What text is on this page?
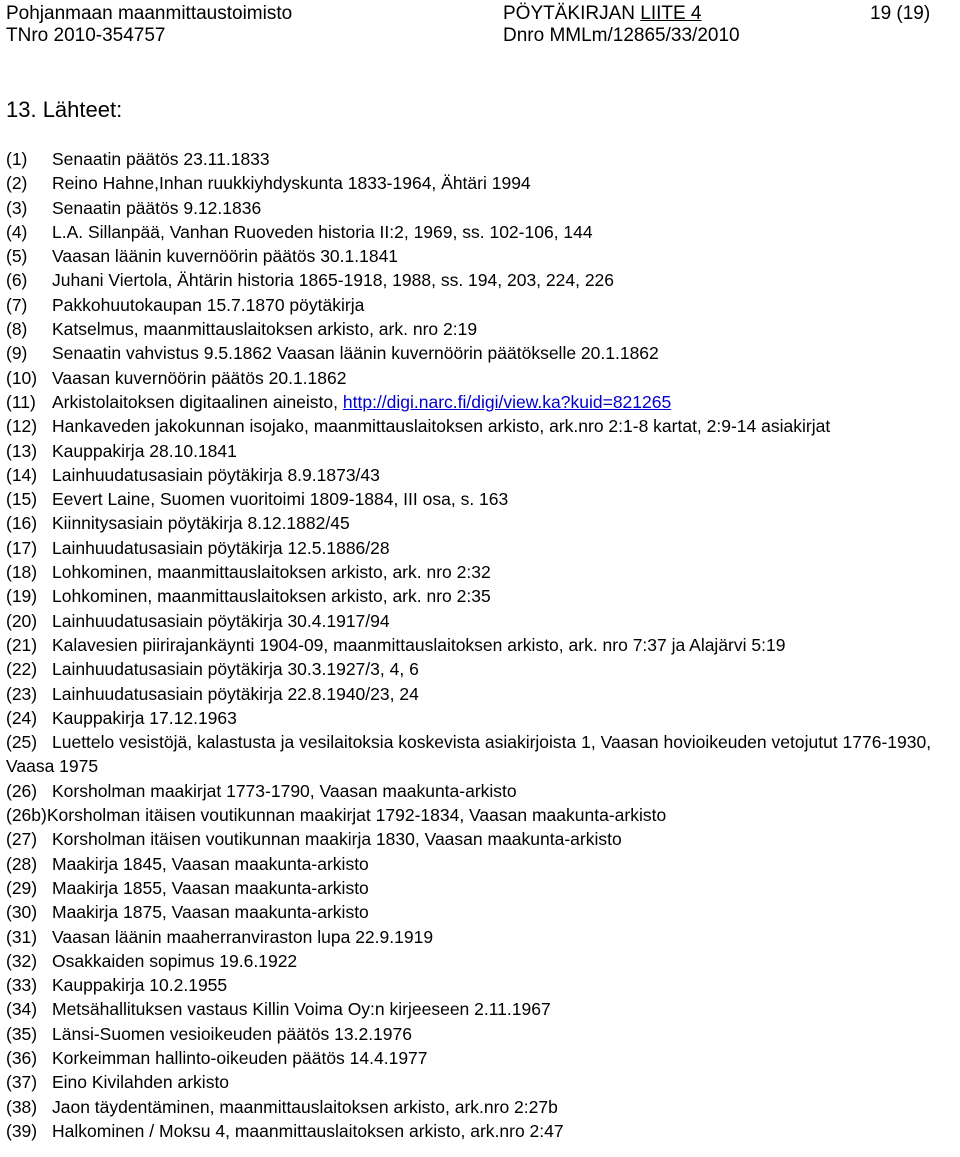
Pohjanmaan maanmittaustoimisto	PÖYTÄKIRJAN LIITE 4	19 (19)
TNro 2010-354757	Dnro MMLm/12865/33/2010
13. Lähteet:
(1) Senaatin päätös 23.11.1833
(2) Reino Hahne,Inhan ruukkiyhdyskunta 1833-1964, Ähtäri 1994
(3) Senaatin päätös 9.12.1836
(4) L.A. Sillanpää, Vanhan Ruoveden historia II:2, 1969, ss. 102-106, 144
(5) Vaasan läänin kuvernöörin päätös 30.1.1841
(6) Juhani Viertola, Ähtärin historia 1865-1918, 1988, ss. 194, 203, 224, 226
(7) Pakkohuutokaupan 15.7.1870 pöytäkirja
(8) Katselmus, maanmittauslaitoksen arkisto, ark. nro 2:19
(9) Senaatin vahvistus 9.5.1862 Vaasan läänin kuvernöörin päätökselle 20.1.1862
(10) Vaasan kuvernöörin päätös 20.1.1862
(11) Arkistolaitoksen digitaalinen aineisto, http://digi.narc.fi/digi/view.ka?kuid=821265
(12) Hankaveden jakokunnan isojako, maanmittauslaitoksen arkisto, ark.nro 2:1-8 kartat, 2:9-14 asiakirjat
(13) Kauppakirja 28.10.1841
(14) Lainhuudatusasiain pöytäkirja 8.9.1873/43
(15) Eevert Laine, Suomen vuoritoimi 1809-1884, III osa, s. 163
(16) Kiinnitysasiain pöytäkirja 8.12.1882/45
(17) Lainhuudatusasiain pöytäkirja 12.5.1886/28
(18) Lohkominen, maanmittauslaitoksen arkisto, ark. nro 2:32
(19) Lohkominen, maanmittauslaitoksen arkisto, ark. nro 2:35
(20) Lainhuudatusasiain pöytäkirja 30.4.1917/94
(21) Kalavesien piirirajankäynti 1904-09, maanmittauslaitoksen arkisto, ark. nro 7:37 ja Alajärvi 5:19
(22) Lainhuudatusasiain pöytäkirja 30.3.1927/3, 4, 6
(23) Lainhuudatusasiain pöytäkirja 22.8.1940/23, 24
(24) Kauppakirja 17.12.1963
(25) Luettelo vesistöjä, kalastusta ja vesilaitoksia koskevista asiakirjoista 1, Vaasan hovioikeuden vetojutut 1776-1930, Vaasa 1975
(26) Korsholman maakirjat 1773-1790, Vaasan maakunta-arkisto
(26b)Korsholman itäisen voutikunnan maakirjat 1792-1834, Vaasan maakunta-arkisto
(27) Korsholman itäisen voutikunnan maakirja 1830, Vaasan maakunta-arkisto
(28) Maakirja 1845, Vaasan maakunta-arkisto
(29) Maakirja 1855, Vaasan maakunta-arkisto
(30) Maakirja 1875, Vaasan maakunta-arkisto
(31) Vaasan läänin maaherranviraston lupa 22.9.1919
(32) Osakkaiden sopimus 19.6.1922
(33) Kauppakirja 10.2.1955
(34) Metsähallituksen vastaus Killin Voima Oy:n kirjeeseen 2.11.1967
(35) Länsi-Suomen vesioikeuden päätös 13.2.1976
(36) Korkeimman hallinto-oikeuden päätös 14.4.1977
(37) Eino Kivilahden arkisto
(38) Jaon täydentäminen, maanmittauslaitoksen arkisto, ark.nro 2:27b
(39) Halkominen / Moksu 4, maanmittauslaitoksen arkisto, ark.nro 2:47
